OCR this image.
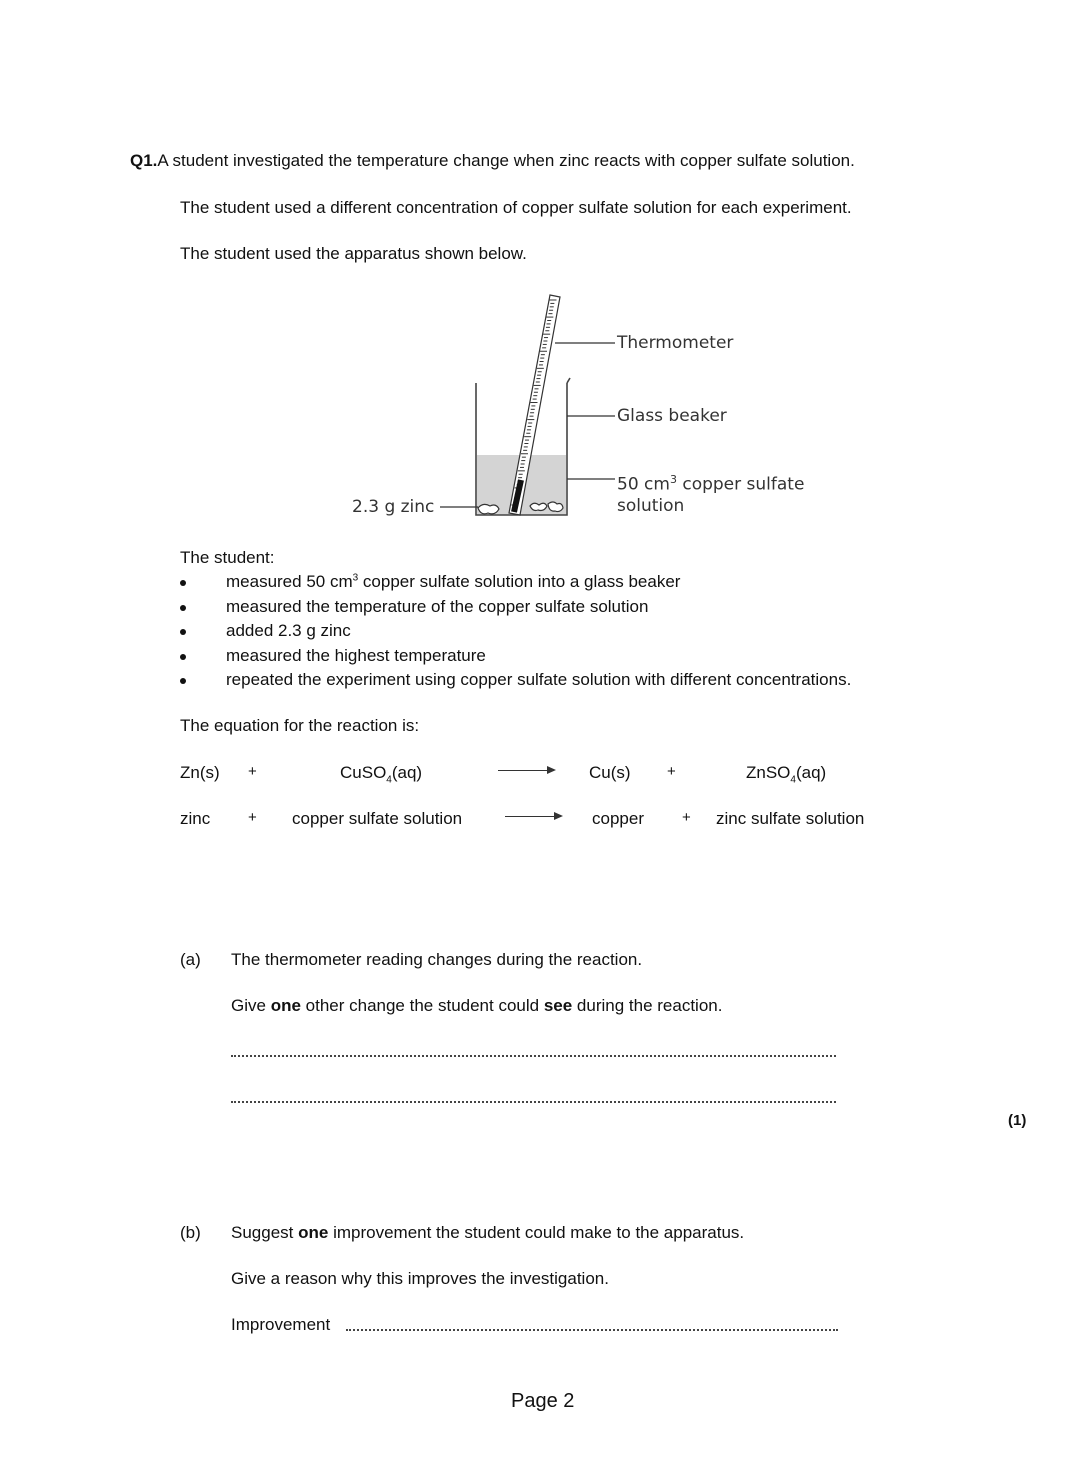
Q1.A student investigated the temperature change when zinc reacts with copper sulfate solution.
The student used a different concentration of copper sulfate solution for each experiment.
The student used the apparatus shown below.
Thermometer
Glass beaker
50 $cm^3$ copper sulfate
solution
2.3 g zinc
The student:
measured 50 $cm^3$ copper sulfate solution into a glass beaker
measured the temperature of the copper sulfate solution
added 2.3 g zinc
measured the highest temperature
repeated the experiment using copper sulfate solution with different concentrations.
The equation for the reaction is:
Zn(s) +	CuSO$_4$(aq)	Cu(s) +	ZnSO$_4$(aq)
zinc	+ copper sulfate solution	copper	+ zinc sulfate solution
(a) The thermometer reading changes during the reaction.
Give one other change the student could see during the reaction.
(1)
(b) Suggest one improvement the student could make to the apparatus.
Give a reason why this improves the investigation.
Improvement
Page 2
